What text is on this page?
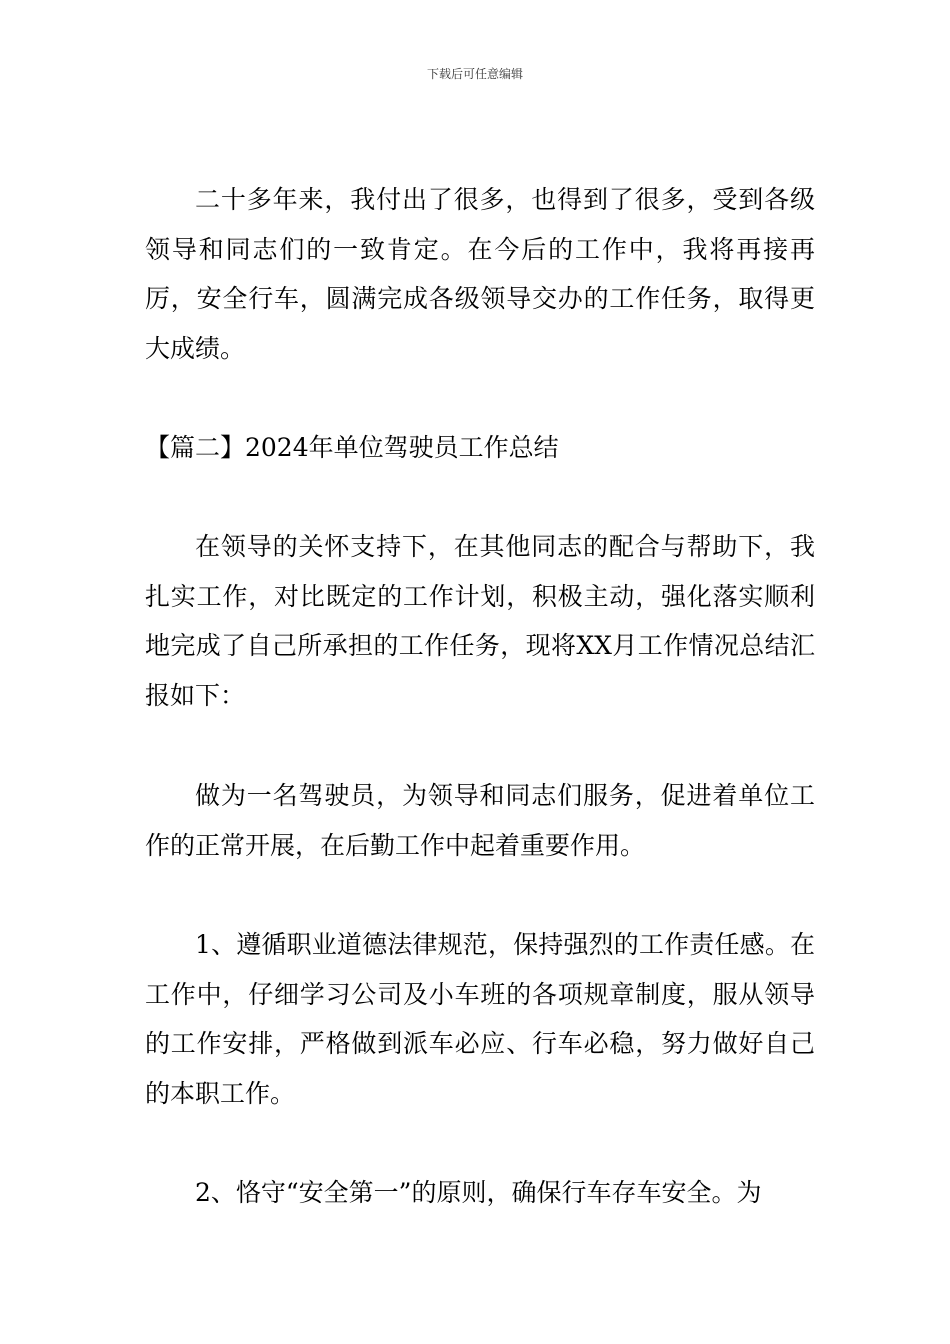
下载后可任意编辑

二十多年来，我付出了很多，也得到了很多，受到各级领导和同志们的一致肯定。在今后的工作中，我将再接再厉，安全行车，圆满完成各级领导交办的工作任务，取得更大成绩。

【篇二】2024年单位驾驶员工作总结

在领导的关怀支持下，在其他同志的配合与帮助下，我扎实工作，对比既定的工作计划，积极主动，强化落实顺利地完成了自己所承担的工作任务，现将XX月工作情况总结汇报如下：

做为一名驾驶员，为领导和同志们服务，促进着单位工作的正常开展，在后勤工作中起着重要作用。

1、遵循职业道德法律规范，保持强烈的工作责任感。在工作中，仔细学习公司及小车班的各项规章制度，服从领导的工作安排，严格做到派车必应、行车必稳，努力做好自己的本职工作。

2、恪守“安全第一”的原则，确保行车存车安全。为
